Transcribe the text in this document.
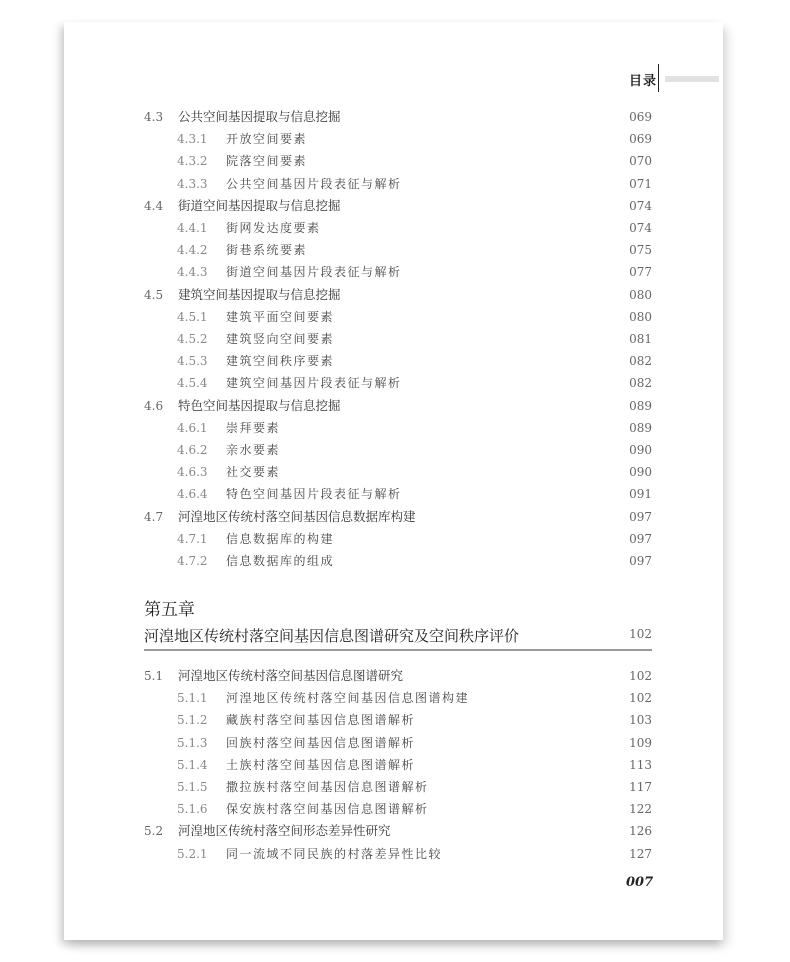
目录
4.3 公共空间基因提取与信息挖掘	069
4.3.1 开放空间要素	069
4.3.2 院落空间要素	070
4.3.3 公共空间基因片段表征与解析	071
4.4 街道空间基因提取与信息挖掘	074
4.4.1 街网发达度要素	074
4.4.2 街巷系统要素	075
4.4.3 街道空间基因片段表征与解析	077
4.5 建筑空间基因提取与信息挖掘	080
4.5.1 建筑平面空间要素	080
4.5.2 建筑竖向空间要素	081
4.5.3 建筑空间秩序要素	082
4.5.4 建筑空间基因片段表征与解析	082
4.6 特色空间基因提取与信息挖掘	089
4.6.1 崇拜要素	089
4.6.2 亲水要素	090
4.6.3 社交要素	090
4.6.4 特色空间基因片段表征与解析	091
4.7 河湟地区传统村落空间基因信息数据库构建	097
4.7.1 信息数据库的构建	097
4.7.2 信息数据库的组成	097
第五章
河湟地区传统村落空间基因信息图谱研究及空间秩序评价	102
5.1 河湟地区传统村落空间基因信息图谱研究	102
5.1.1 河湟地区传统村落空间基因信息图谱构建	102
5.1.2 藏族村落空间基因信息图谱解析	103
5.1.3 回族村落空间基因信息图谱解析	109
5.1.4 土族村落空间基因信息图谱解析	113
5.1.5 撒拉族村落空间基因信息图谱解析	117
5.1.6 保安族村落空间基因信息图谱解析	122
5.2 河湟地区传统村落空间形态差异性研究	126
5.2.1 同一流域不同民族的村落差异性比较	127
007
